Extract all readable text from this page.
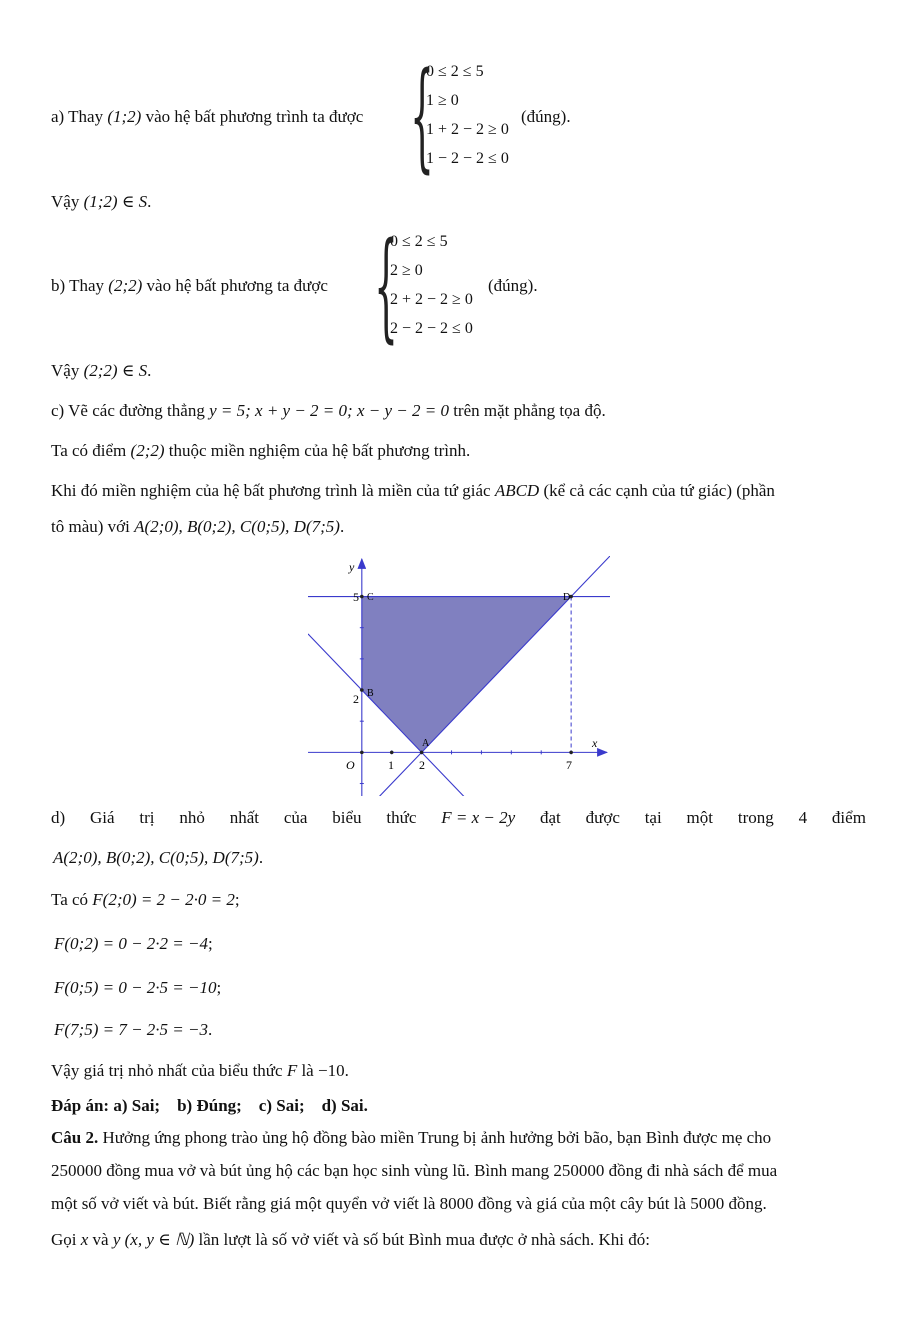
a) Thay (1;2) vào hệ bất phương trình ta được {
0 ≤ 2 ≤ 5
1 ≥ 0
1 + 2 − 2 ≥ 0
1 − 2 − 2 ≤ 0
(đúng).
Vậy (1;2) ∈ S.
b) Thay (2;2) vào hệ bất phương ta được {
0 ≤ 2 ≤ 5
2 ≥ 0
2 + 2 − 2 ≥ 0
2 − 2 − 2 ≤ 0
(đúng).
Vậy (2;2) ∈ S.
c) Vẽ các đường thẳng y = 5; x + y − 2 = 0; x − y − 2 = 0 trên mặt phẳng tọa độ.
Ta có điểm (2;2) thuộc miền nghiệm của hệ bất phương trình.
Khi đó miền nghiệm của hệ bất phương trình là miền của tứ giác ABCD (kể cả các cạnh của tứ giác) (phần
tô màu) với A(2;0), B(0;2), C(0;5), D(7;5).
x
y
O	1 2	7
2
5
A
B
C	D
d) Giá trị nhỏ nhất của biểu thức F = x − 2y đạt được tại một trong 4 điểm
A(2;0), B(0;2), C(0;5), D(7;5).
Ta có F(2;0) = 2 − 2·0 = 2;
F(0;2) = 0 − 2·2 = −4;
F(0;5) = 0 − 2·5 = −10;
F(7;5) = 7 − 2·5 = −3.
Vậy giá trị nhỏ nhất của biểu thức F là −10.
Đáp án: a) Sai;    b) Đúng;    c) Sai;    d) Sai.
Câu 2. Hưởng ứng phong trào ủng hộ đồng bào miền Trung bị ảnh hưởng bởi bão, bạn Bình được mẹ cho
250000 đồng mua vở và bút ủng hộ các bạn học sinh vùng lũ. Bình mang 250000 đồng đi nhà sách để mua
một số vở viết và bút. Biết rằng giá một quyển vở viết là 8000 đồng và giá của một cây bút là 5000 đồng.
Gọi x và y (x, y ∈ ℕ) lần lượt là số vở viết và số bút Bình mua được ở nhà sách. Khi đó:
